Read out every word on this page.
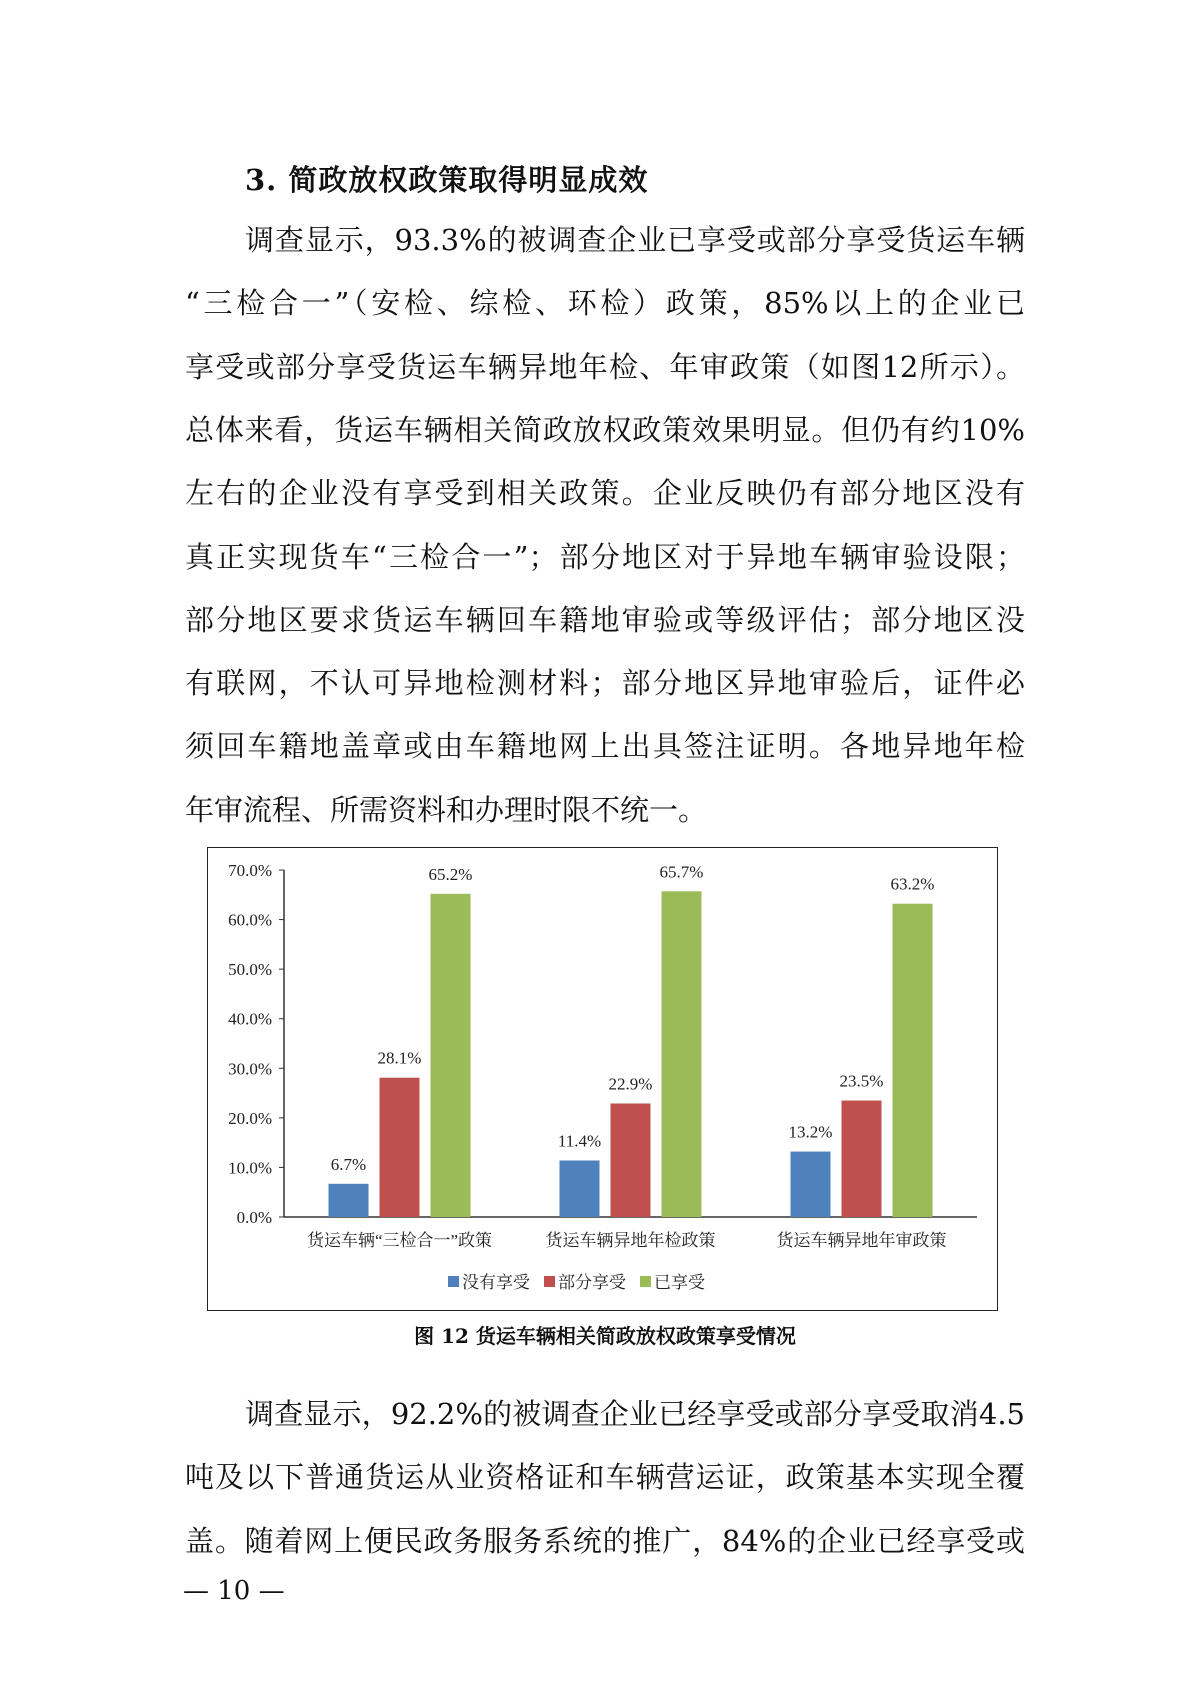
3. 简政放权政策取得明显成效
调查显示，93.3%的被调查企业已享受或部分享受货运车辆
“三检合一”（安检、综检、环检）政策，85%以上的企业已
享受或部分享受货运车辆异地年检、年审政策（如图12所示）。
总体来看，货运车辆相关简政放权政策效果明显。但仍有约10%
左右的企业没有享受到相关政策。企业反映仍有部分地区没有
真正实现货车“三检合一”；部分地区对于异地车辆审验设限；
部分地区要求货运车辆回车籍地审验或等级评估；部分地区没
有联网，不认可异地检测材料；部分地区异地审验后，证件必
须回车籍地盖章或由车籍地网上出具签注证明。各地异地年检
年审流程、所需资料和办理时限不统一。
0.0%
10.0%
20.0%
30.0%
40.0%
50.0%
60.0%
70.0%
6.7%
28.1%
65.2%
货运车辆“三检合一”政策
11.4%
22.9%
65.7%
货运车辆异地年检政策
13.2%
23.5%
63.2%
货运车辆异地年审政策
没有享受 部分享受 已享受
图 12 货运车辆相关简政放权政策享受情况
调查显示，92.2%的被调查企业已经享受或部分享受取消4.5
吨及以下普通货运从业资格证和车辆营运证，政策基本实现全覆
盖。随着网上便民政务服务系统的推广，84%的企业已经享受或
— 10 —
